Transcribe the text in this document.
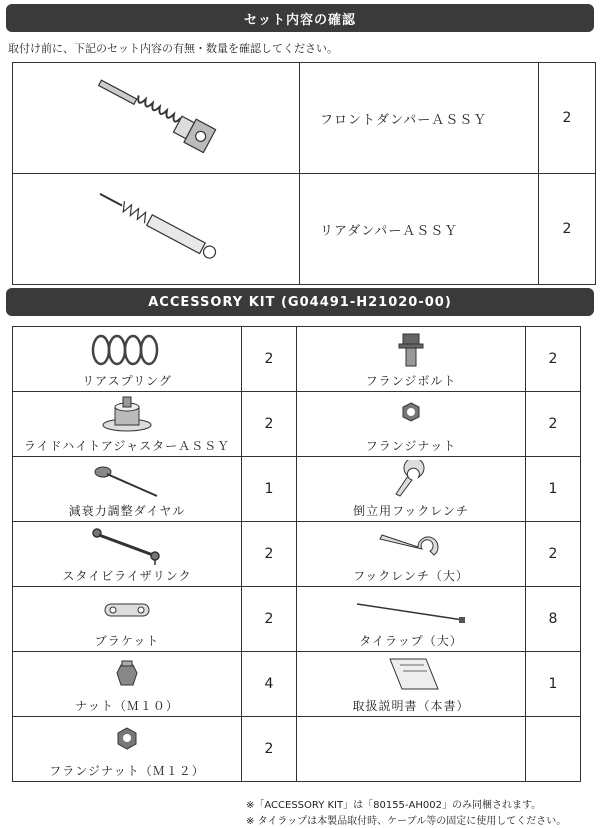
セット内容の確認
取付け前に、下記のセット内容の有無・数量を確認してください。
	フロントダンパーＡＳＳＹ	2
	リアダンパーＡＳＳＹ	2
ACCESSORY KIT (G04491-H21020-00)
リアスプリング	2	フランジボルト	2

ライドハイトアジャスターＡＳＳＹ	2	フランジナット	2

減衰力調整ダイヤル	1	倒立用フックレンチ	1

スタイビライザリンク	2	フックレンチ（大）	2

ブラケット	2	タイラップ（大）	8

ナット（Ｍ１０）	4	取扱説明書（本書）	1

フランジナット（Ｍ１２）	2		
※「ACCESSORY KIT」は「80155-AH002」のみ同梱されます。
※ タイラップは本製品取付時、ケーブル等の固定に使用してください。
